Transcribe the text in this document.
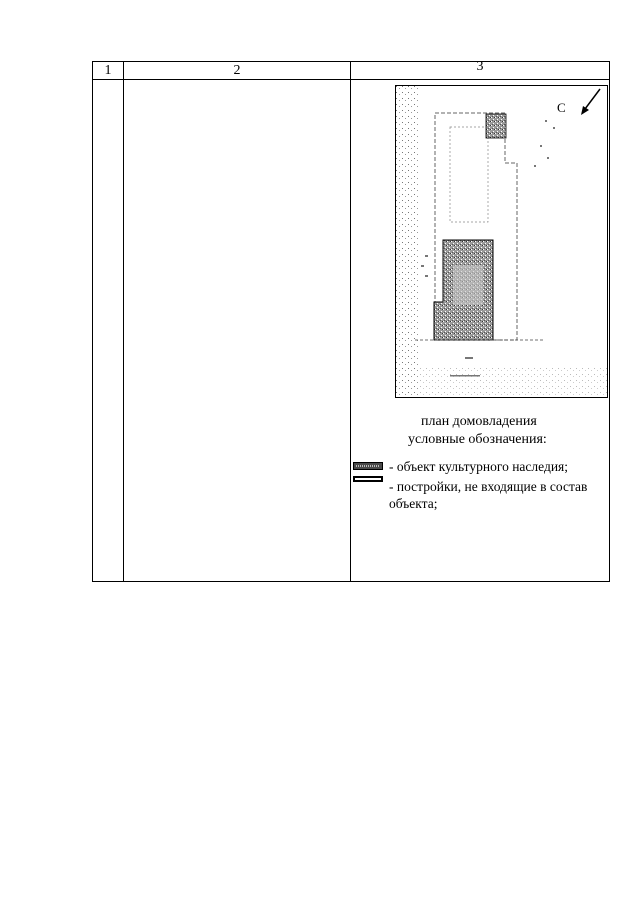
1	2	3
С
план домовладения
условные обозначения:
- объект культурного наследия;
- постройки, не входящие в состав объекта;
